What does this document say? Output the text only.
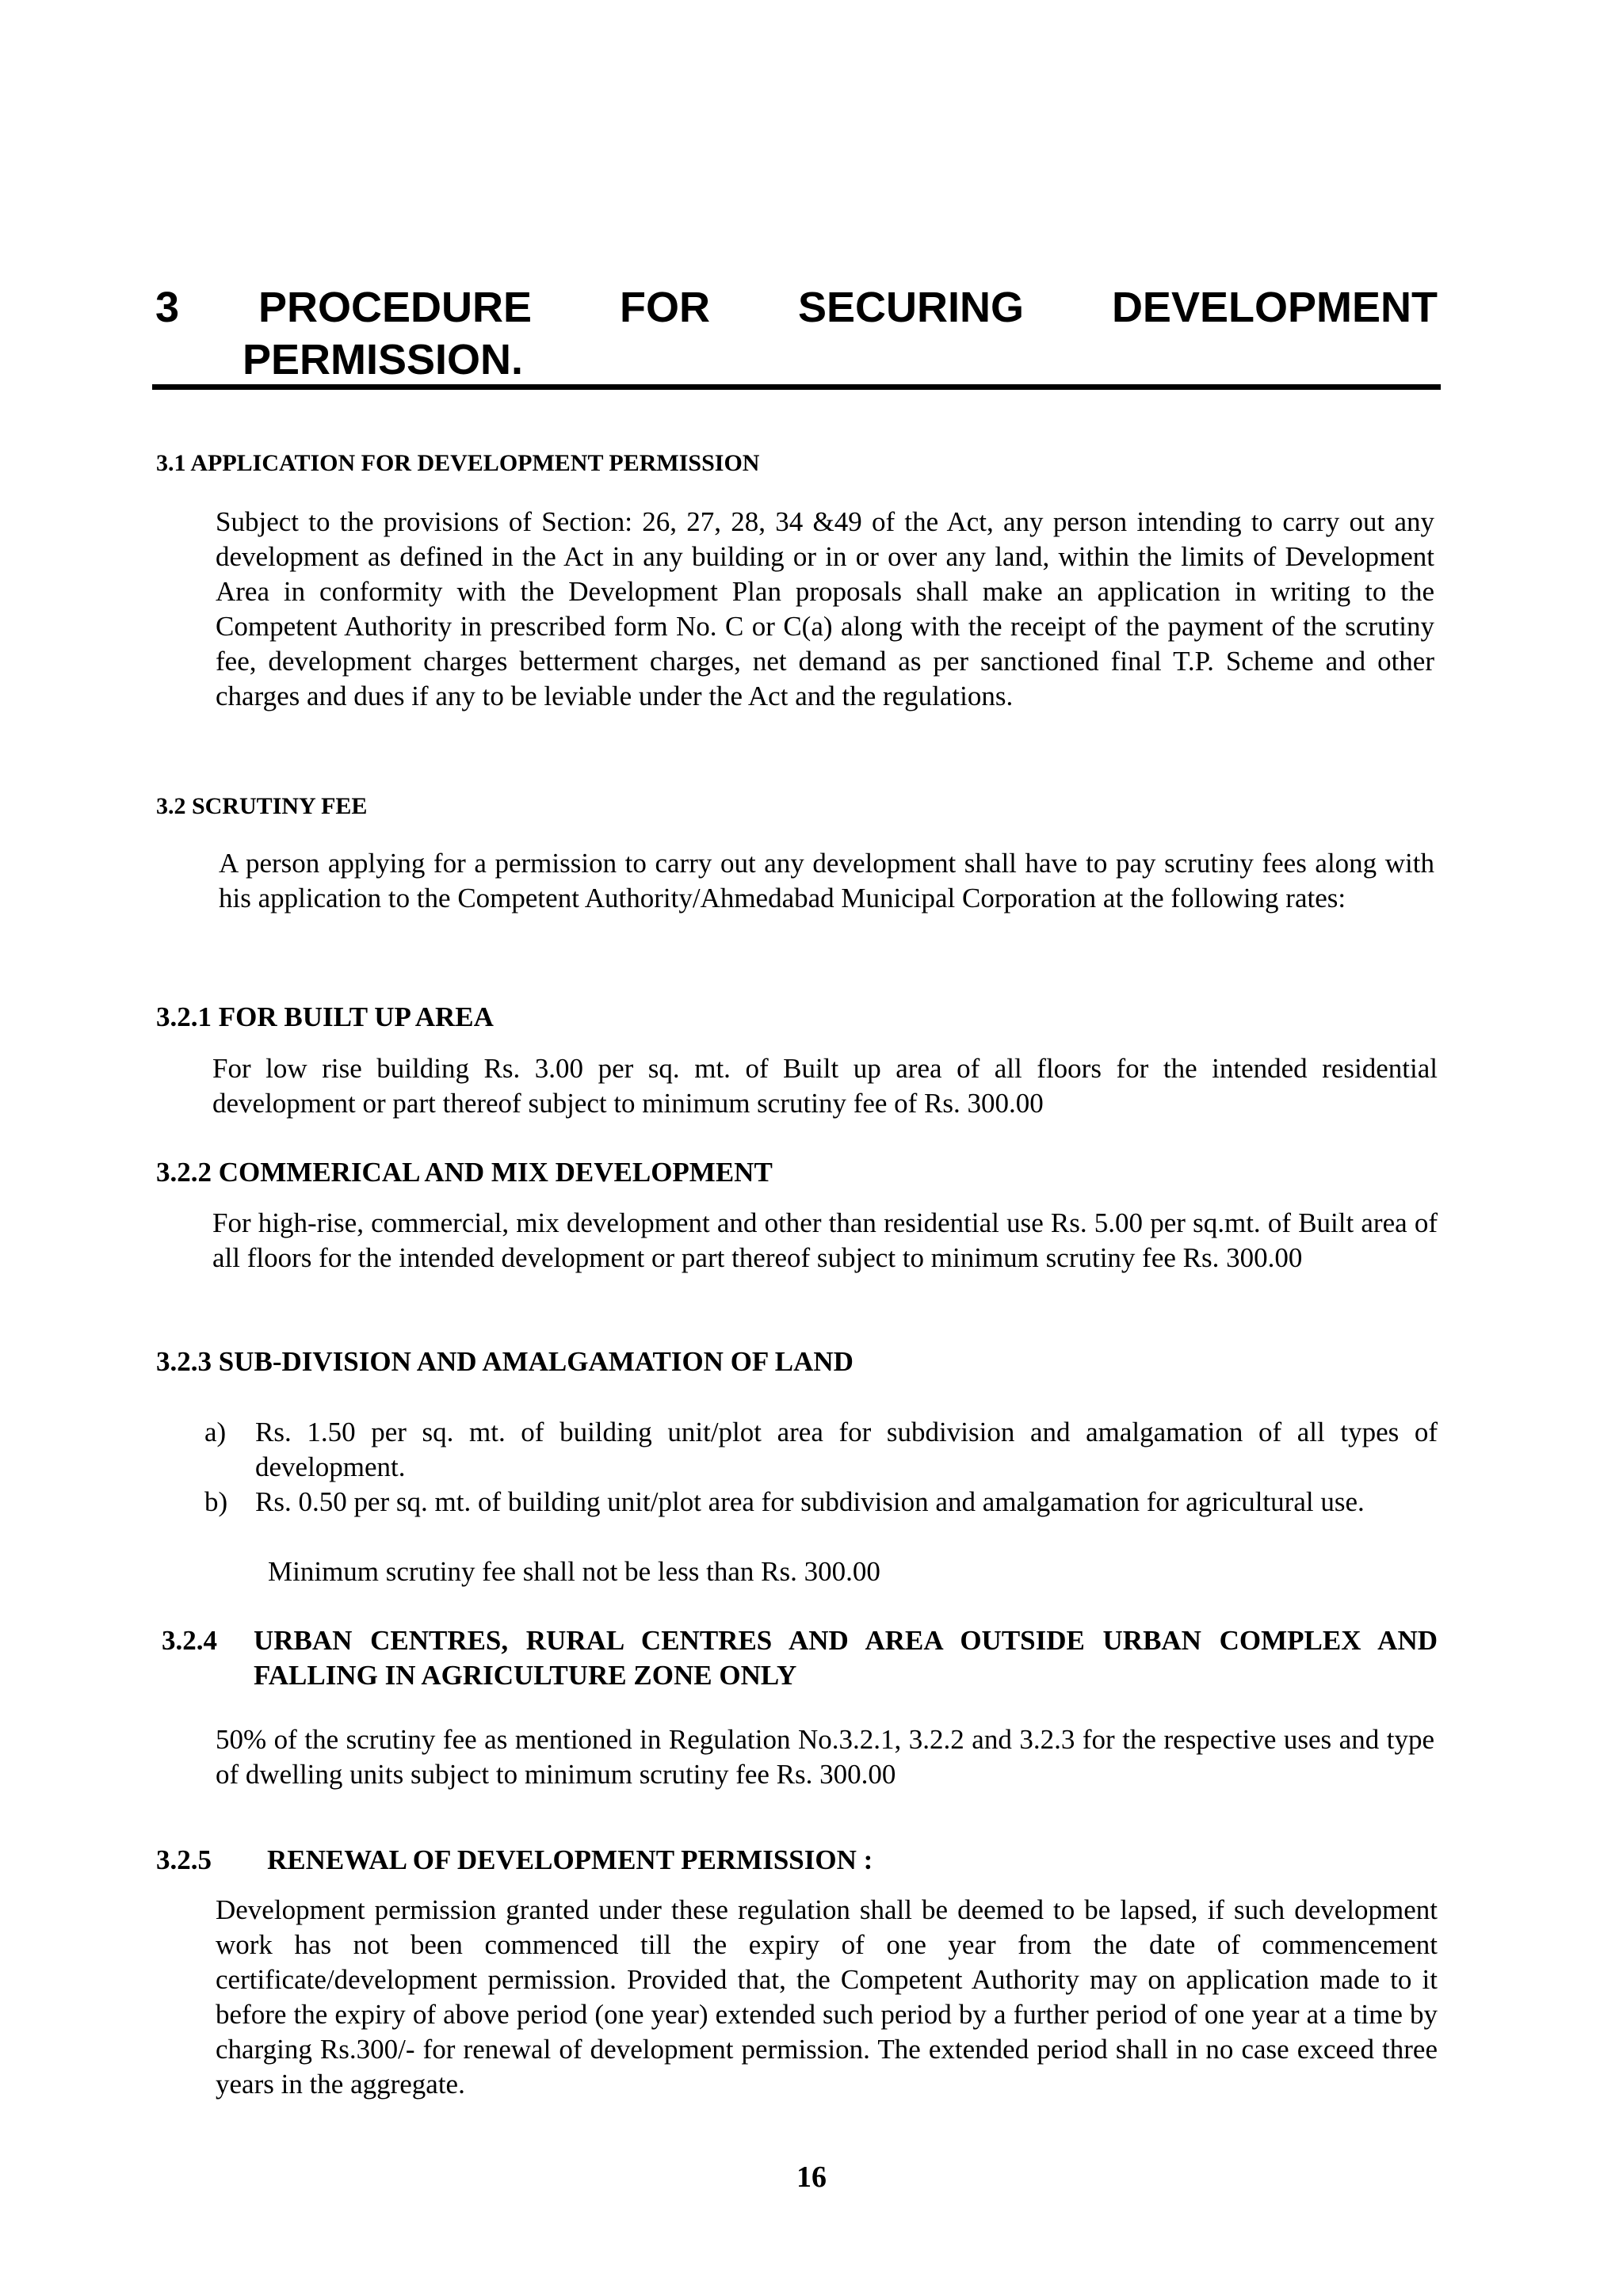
3 PROCEDURE FOR SECURING DEVELOPMENT
PERMISSION.
3.1 APPLICATION FOR DEVELOPMENT PERMISSION
Subject to the provisions of Section: 26, 27, 28, 34 &49 of the Act, any person intending to carry out any development as defined in the Act in any building or in or over any land, within the limits of Development Area in conformity with the Development Plan proposals shall make an application in writing to the Competent Authority in prescribed form No. C or C(a) along with the receipt of the payment of the scrutiny fee, development charges betterment charges, net demand as per sanctioned final T.P. Scheme and other charges and dues if any to be leviable under the Act and the regulations.
3.2 SCRUTINY FEE
A person applying for a permission to carry out any development shall have to pay scrutiny fees along with his application to the Competent Authority/Ahmedabad Municipal Corporation at the following rates:
3.2.1 FOR BUILT UP AREA
For low rise building Rs. 3.00 per sq. mt. of Built up area of all floors for the intended residential development or part thereof subject to minimum scrutiny fee of Rs. 300.00
3.2.2 COMMERICAL AND MIX DEVELOPMENT
For high-rise, commercial, mix development and other than residential use Rs. 5.00 per sq.mt. of Built area of all floors for the intended development or part thereof subject to minimum scrutiny fee Rs. 300.00
3.2.3 SUB-DIVISION AND AMALGAMATION OF LAND
a) Rs. 1.50 per sq. mt. of building unit/plot area for subdivision and amalgamation of all types of development.
b) Rs. 0.50 per sq. mt. of building unit/plot area for subdivision and amalgamation for agricultural use.
Minimum scrutiny fee shall not be less than Rs. 300.00
3.2.4 URBAN CENTRES, RURAL CENTRES AND AREA OUTSIDE URBAN COMPLEX AND FALLING IN AGRICULTURE ZONE ONLY
50% of the scrutiny fee as mentioned in Regulation No.3.2.1, 3.2.2 and 3.2.3 for the respective uses and type of dwelling units subject to minimum scrutiny fee Rs. 300.00
3.2.5 RENEWAL OF DEVELOPMENT PERMISSION :
Development permission granted under these regulation shall be deemed to be lapsed, if such development work has not been commenced till the expiry of one year from the date of commencement certificate/development permission. Provided that, the Competent Authority may on application made to it before the expiry of above period (one year) extended such period by a further period of one year at a time by charging Rs.300/- for renewal of development permission. The extended period shall in no case exceed three years in the aggregate.
16
